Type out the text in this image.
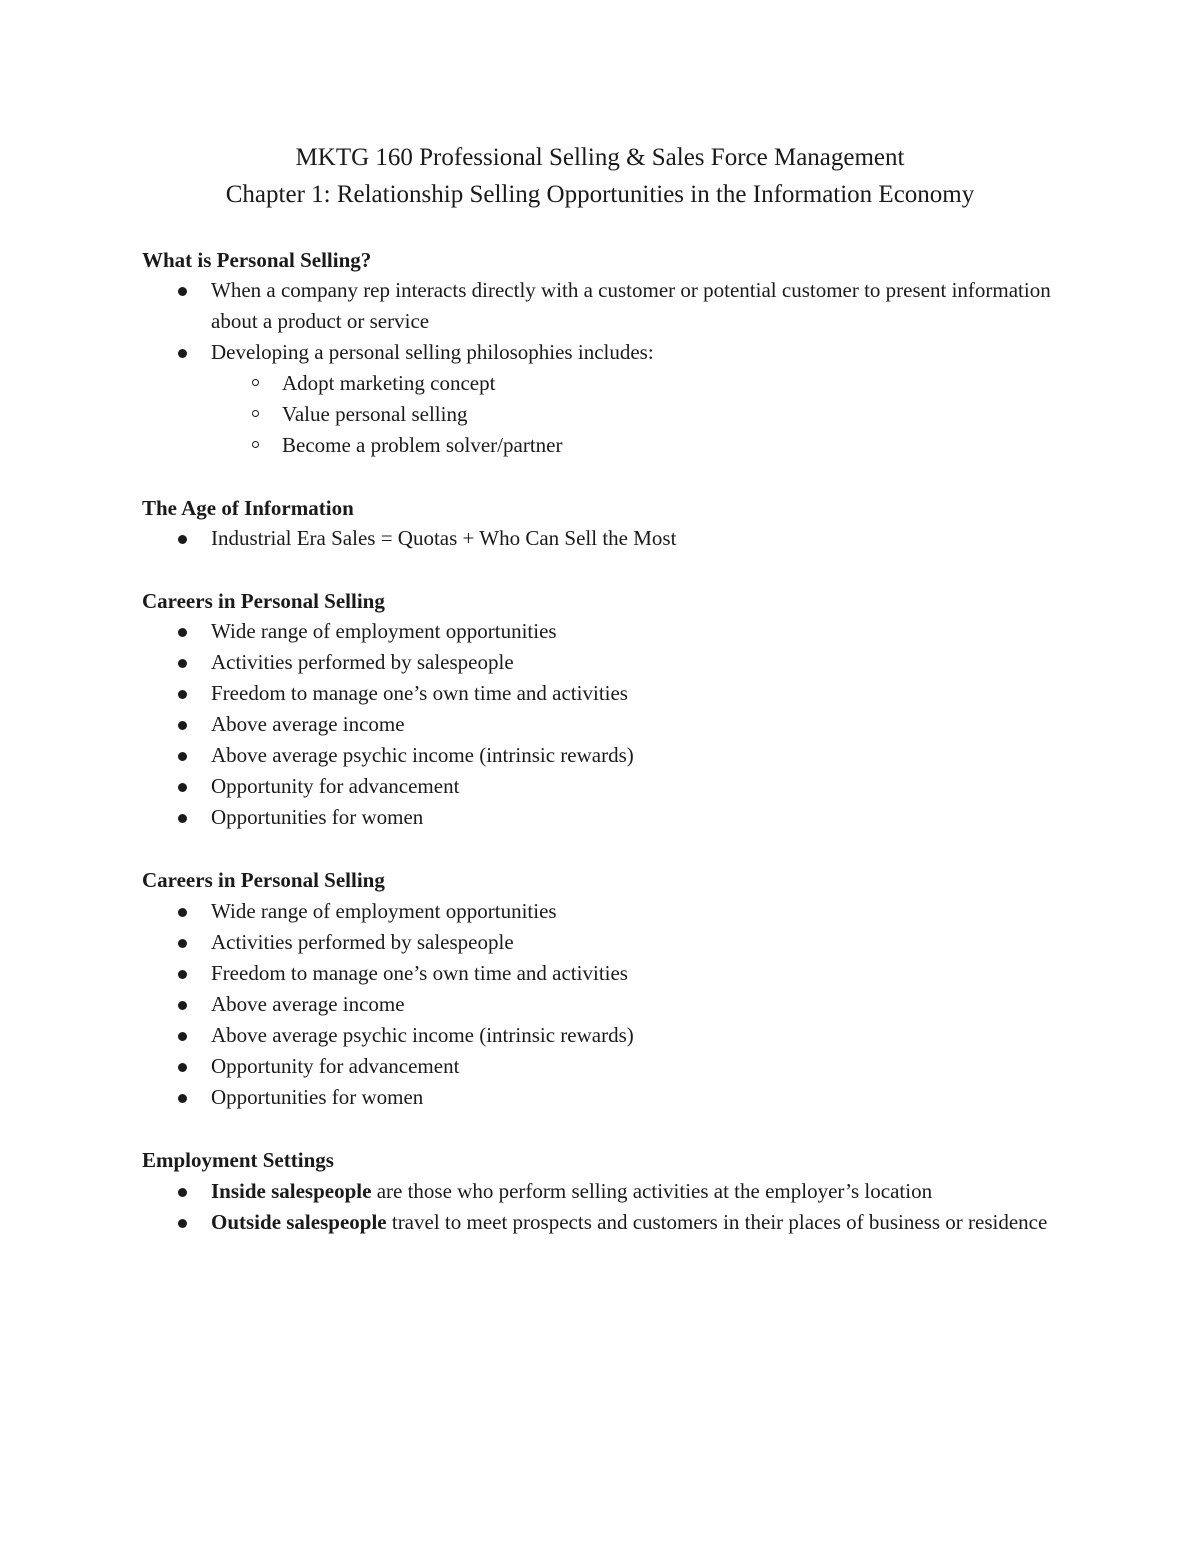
MKTG 160 Professional Selling & Sales Force Management
Chapter 1: Relationship Selling Opportunities in the Information Economy
What is Personal Selling?
When a company rep interacts directly with a customer or potential customer to present information about a product or service
Developing a personal selling philosophies includes:
Adopt marketing concept
Value personal selling
Become a problem solver/partner
The Age of Information
Industrial Era Sales = Quotas + Who Can Sell the Most
Careers in Personal Selling
Wide range of employment opportunities
Activities performed by salespeople
Freedom to manage one’s own time and activities
Above average income
Above average psychic income (intrinsic rewards)
Opportunity for advancement
Opportunities for women
Careers in Personal Selling
Wide range of employment opportunities
Activities performed by salespeople
Freedom to manage one’s own time and activities
Above average income
Above average psychic income (intrinsic rewards)
Opportunity for advancement
Opportunities for women
Employment Settings
Inside salespeople are those who perform selling activities at the employer’s location
Outside salespeople travel to meet prospects and customers in their places of business or residence
